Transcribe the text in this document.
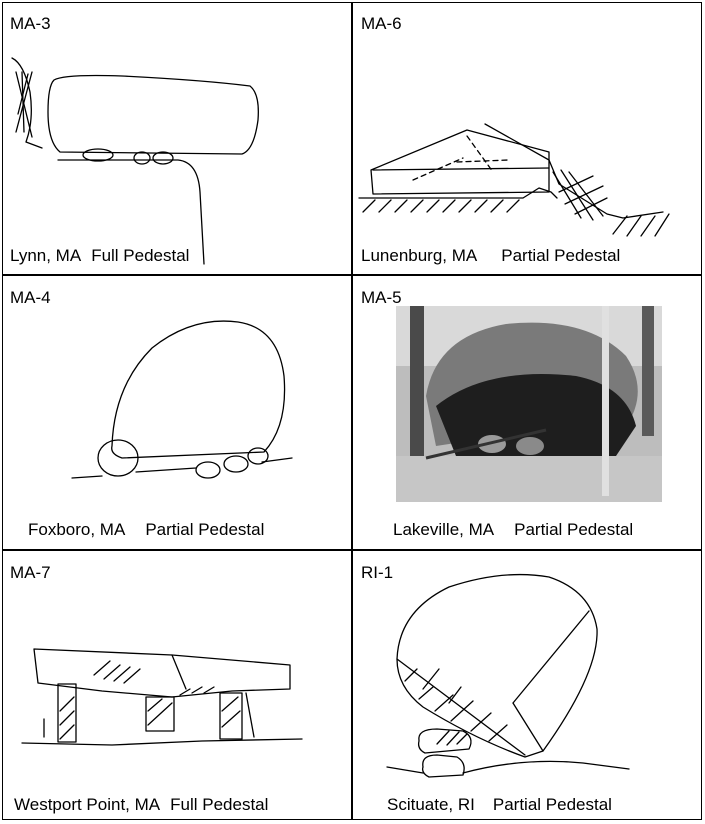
MA-3
Lynn, MA Full Pedestal
MA-6
Lunenburg, MA Partial Pedestal
MA-4
Foxboro, MA Partial Pedestal
MA-5
Lakeville, MA Partial Pedestal
MA-7
Westport Point, MA Full Pedestal
RI-1
Scituate, RI Partial Pedestal
